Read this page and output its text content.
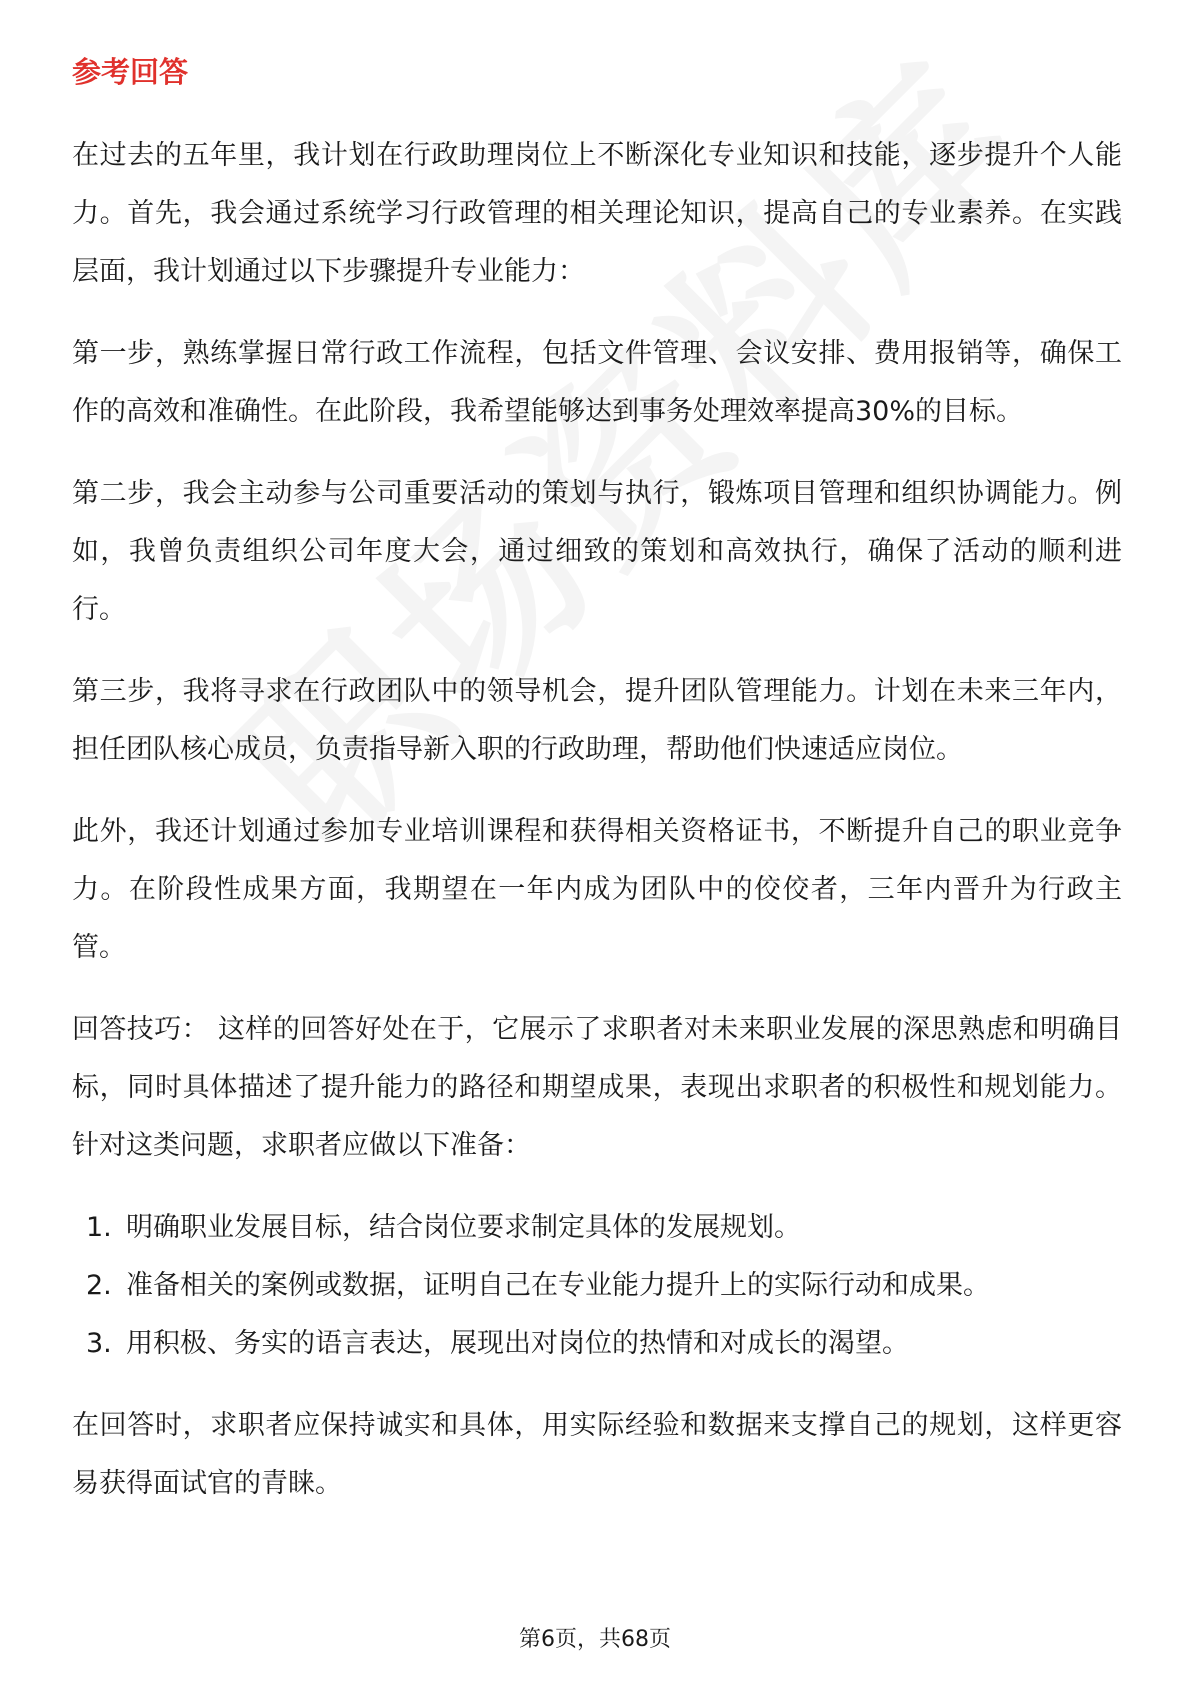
参考回答

在过去的五年里，我计划在行政助理岗位上不断深化专业知识和技能，逐步提升个人能力。首先，我会通过系统学习行政管理的相关理论知识，提高自己的专业素养。在实践层面，我计划通过以下步骤提升专业能力：

第一步，熟练掌握日常行政工作流程，包括文件管理、会议安排、费用报销等，确保工作的高效和准确性。在此阶段，我希望能够达到事务处理效率提高30%的目标。

第二步，我会主动参与公司重要活动的策划与执行，锻炼项目管理和组织协调能力。例如，我曾负责组织公司年度大会，通过细致的策划和高效执行，确保了活动的顺利进行。

第三步，我将寻求在行政团队中的领导机会，提升团队管理能力。计划在未来三年内，担任团队核心成员，负责指导新入职的行政助理，帮助他们快速适应岗位。

此外，我还计划通过参加专业培训课程和获得相关资格证书，不断提升自己的职业竞争力。在阶段性成果方面，我期望在一年内成为团队中的佼佼者，三年内晋升为行政主管。

回答技巧： 这样的回答好处在于，它展示了求职者对未来职业发展的深思熟虑和明确目标，同时具体描述了提升能力的路径和期望成果，表现出求职者的积极性和规划能力。针对这类问题，求职者应做以下准备：

1. 明确职业发展目标，结合岗位要求制定具体的发展规划。
2. 准备相关的案例或数据，证明自己在专业能力提升上的实际行动和成果。
3. 用积极、务实的语言表达，展现出对岗位的热情和对成长的渴望。

在回答时，求职者应保持诚实和具体，用实际经验和数据来支撑自己的规划，这样更容易获得面试官的青睐。

第6页，共68页
